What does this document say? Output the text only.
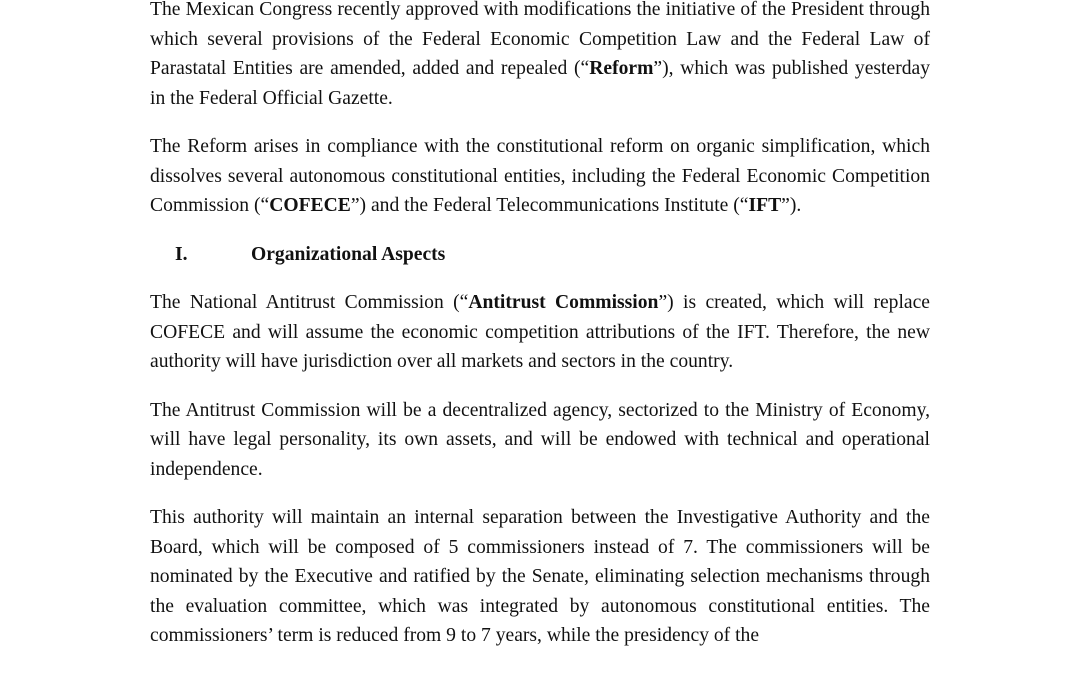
The Mexican Congress recently approved with modifications the initiative of the President through which several provisions of the Federal Economic Competition Law and the Federal Law of Parastatal Entities are amended, added and repealed (“Reform”), which was published yesterday in the Federal Official Gazette.

The Reform arises in compliance with the constitutional reform on organic simplification, which dissolves several autonomous constitutional entities, including the Federal Economic Competition Commission (“COFECE”) and the Federal Telecommunications Institute (“IFT”).

I.	Organizational Aspects

The National Antitrust Commission (“Antitrust Commission”) is created, which will replace COFECE and will assume the economic competition attributions of the IFT. Therefore, the new authority will have jurisdiction over all markets and sectors in the country.

The Antitrust Commission will be a decentralized agency, sectorized to the Ministry of Economy, will have legal personality, its own assets, and will be endowed with technical and operational independence.

This authority will maintain an internal separation between the Investigative Authority and the Board, which will be composed of 5 commissioners instead of 7. The commissioners will be nominated by the Executive and ratified by the Senate, eliminating selection mechanisms through the evaluation committee, which was integrated by autonomous constitutional entities. The commissioners’ term is reduced from 9 to 7 years, while the presidency of the
